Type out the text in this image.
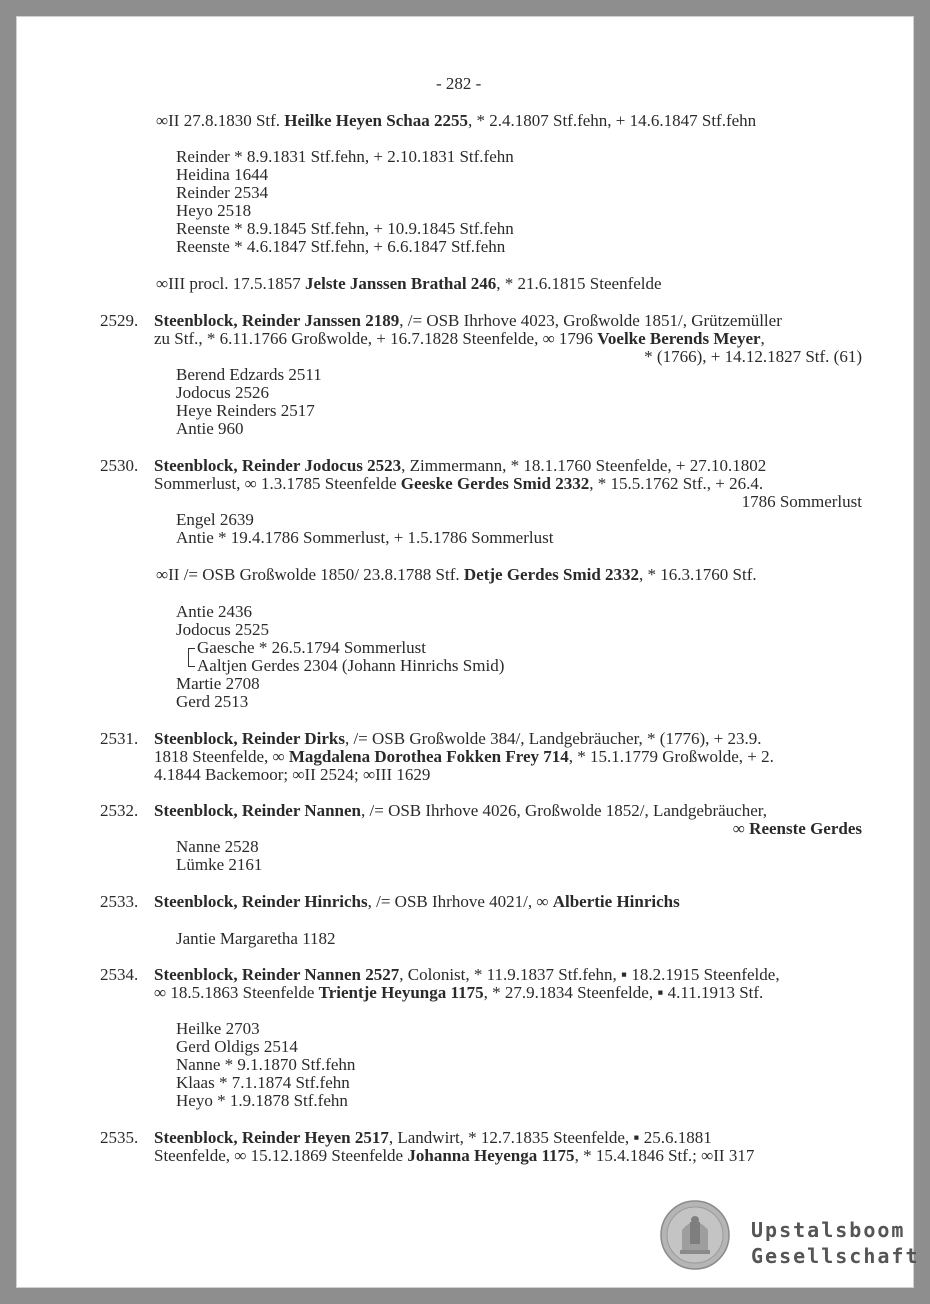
- 282 -
∞II 27.8.1830 Stf. Heilke Heyen Schaa 2255, * 2.4.1807 Stf.fehn, + 14.6.1847 Stf.fehn
Reinder * 8.9.1831 Stf.fehn, + 2.10.1831 Stf.fehn
Heidina 1644
Reinder 2534
Heyo 2518
Reenste * 8.9.1845 Stf.fehn, + 10.9.1845 Stf.fehn
Reenste * 4.6.1847 Stf.fehn, + 6.6.1847 Stf.fehn
∞III procl. 17.5.1857 Jelste Janssen Brathal 246, * 21.6.1815 Steenfelde
2529. Steenblock, Reinder Janssen 2189, /= OSB Ihrhove 4023, Großwolde 1851/, Grützemüller
zu Stf., * 6.11.1766 Großwolde, + 16.7.1828 Steenfelde, ∞ 1796 Voelke Berends Meyer,
* (1766), + 14.12.1827 Stf. (61)
Berend Edzards 2511
Jodocus 2526
Heye Reinders 2517
Antie 960
2530. Steenblock, Reinder Jodocus 2523, Zimmermann, * 18.1.1760 Steenfelde, + 27.10.1802
Sommerlust, ∞ 1.3.1785 Steenfelde Geeske Gerdes Smid 2332, * 15.5.1762 Stf., + 26.4.
1786 Sommerlust
Engel 2639
Antie * 19.4.1786 Sommerlust, + 1.5.1786 Sommerlust
∞II /= OSB Großwolde 1850/ 23.8.1788 Stf. Detje Gerdes Smid 2332, * 16.3.1760 Stf.
Antie 2436
Jodocus 2525
Gaesche * 26.5.1794 Sommerlust
Aaltjen Gerdes 2304 (Johann Hinrichs Smid)
Martie 2708
Gerd 2513
2531. Steenblock, Reinder Dirks, /= OSB Großwolde 384/, Landgebräucher, * (1776), + 23.9.
1818 Steenfelde, ∞ Magdalena Dorothea Fokken Frey 714, * 15.1.1779 Großwolde, + 2.
4.1844 Backemoor; ∞II 2524; ∞III 1629
2532. Steenblock, Reinder Nannen, /= OSB Ihrhove 4026, Großwolde 1852/, Landgebräucher,
∞ Reenste Gerdes
Nanne 2528
Lümke 2161
2533. Steenblock, Reinder Hinrichs, /= OSB Ihrhove 4021/, ∞ Albertie Hinrichs
Jantie Margaretha 1182
2534. Steenblock, Reinder Nannen 2527, Colonist, * 11.9.1837 Stf.fehn, ▪ 18.2.1915 Steenfelde,
∞ 18.5.1863 Steenfelde Trientje Heyunga 1175, * 27.9.1834 Steenfelde, ▪ 4.11.1913 Stf.
Heilke 2703
Gerd Oldigs 2514
Nanne * 9.1.1870 Stf.fehn
Klaas * 7.1.1874 Stf.fehn
Heyo * 1.9.1878 Stf.fehn
2535. Steenblock, Reinder Heyen 2517, Landwirt, * 12.7.1835 Steenfelde, ▪ 25.6.1881
Steenfelde, ∞ 15.12.1869 Steenfelde Johanna Heyenga 1175, * 15.4.1846 Stf.; ∞II 317
Upstalsboom
Gesellschaft
